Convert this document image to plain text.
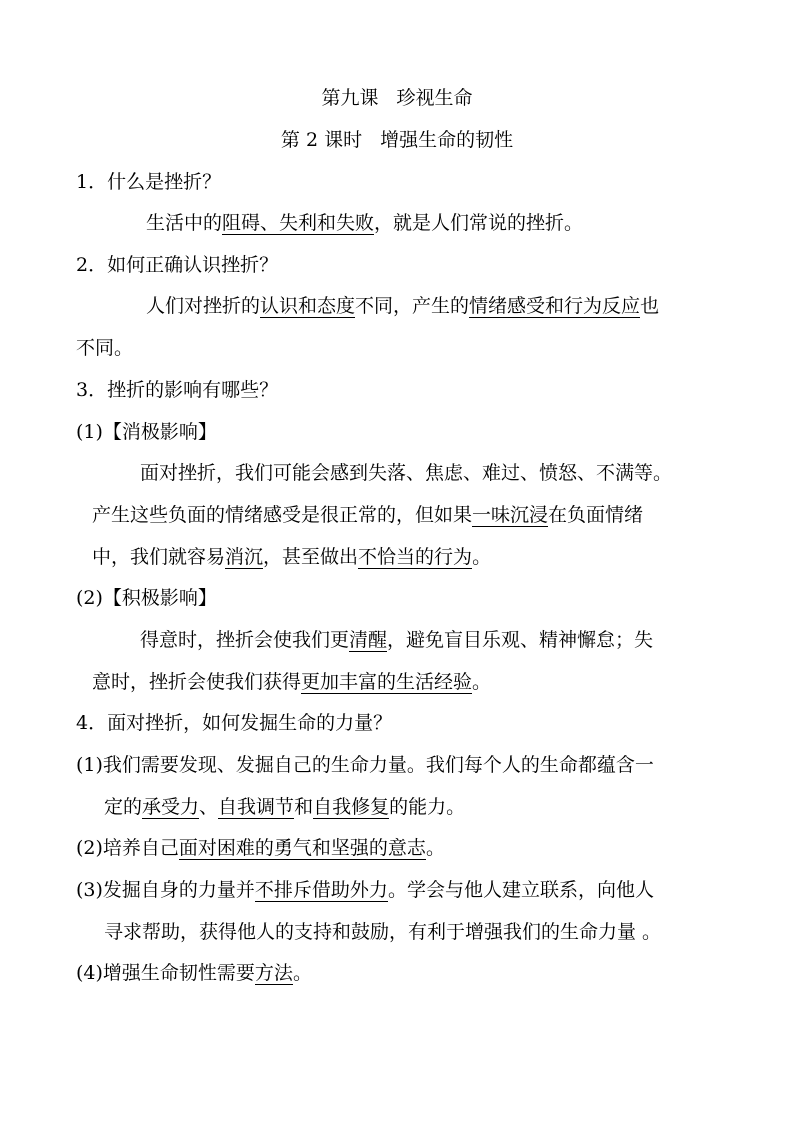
第九课 珍视生命
第 2 课时 增强生命的韧性
1．什么是挫折？
生活中的阻碍、失利和失败，就是人们常说的挫折。
2．如何正确认识挫折？
人们对挫折的认识和态度不同，产生的情绪感受和行为反应也
不同。
3．挫折的影响有哪些？
(1)【消极影响】
面对挫折，我们可能会感到失落、焦虑、难过、愤怒、不满等。
产生这些负面的情绪感受是很正常的，但如果一味沉浸在负面情绪
中，我们就容易消沉，甚至做出不恰当的行为。
(2)【积极影响】
得意时，挫折会使我们更清醒，避免盲目乐观、精神懈怠；失
意时，挫折会使我们获得更加丰富的生活经验。
4．面对挫折，如何发掘生命的力量？
(1)我们需要发现、发掘自己的生命力量。我们每个人的生命都蕴含一
定的承受力、自我调节和自我修复的能力。
(2)培养自己面对困难的勇气和坚强的意志。
(3)发掘自身的力量并不排斥借助外力。学会与他人建立联系，向他人
寻求帮助，获得他人的支持和鼓励，有利于增强我们的生命力量 。
(4)增强生命韧性需要方法。
